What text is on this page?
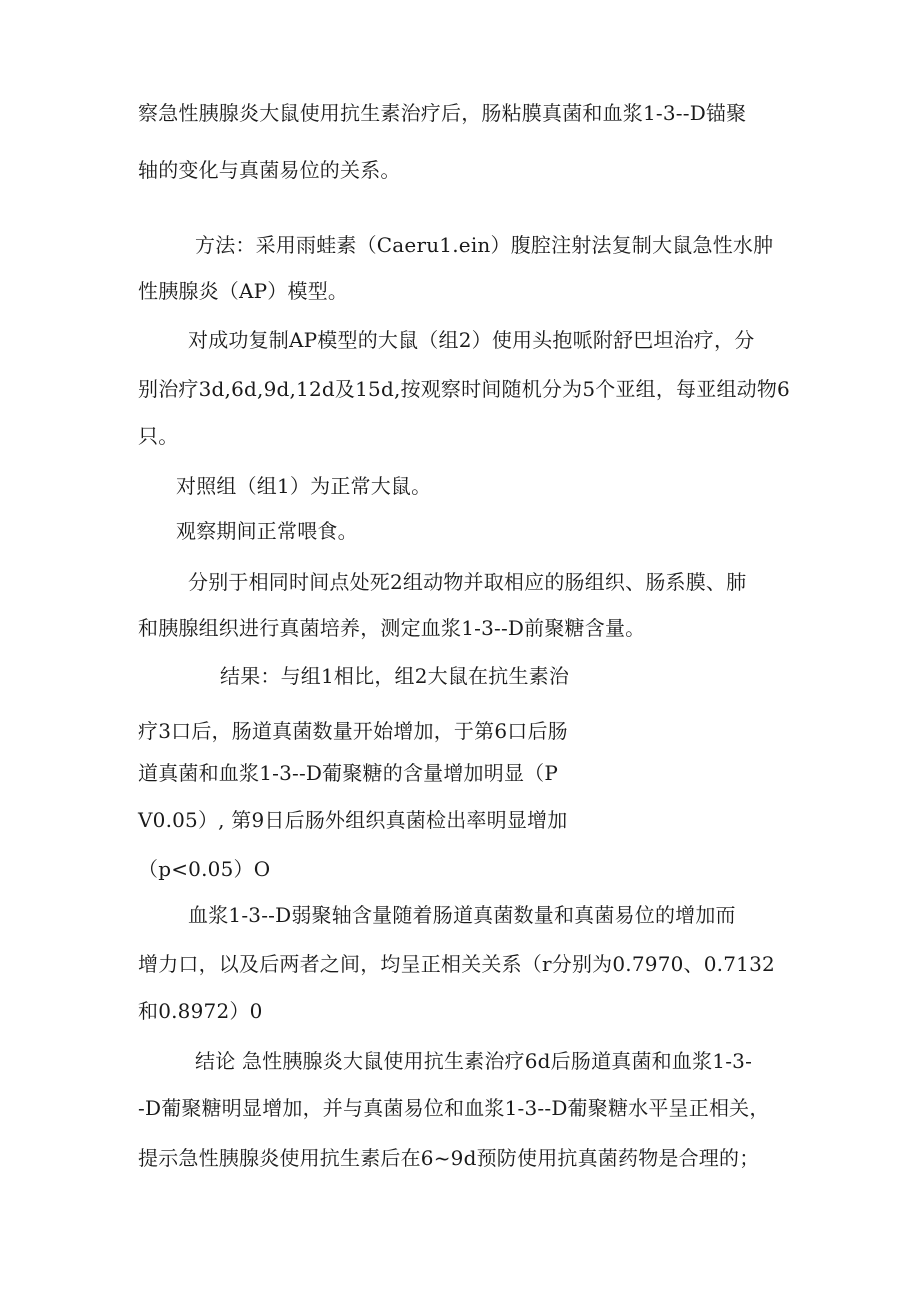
察急性胰腺炎大鼠使用抗生素治疗后，肠粘膜真菌和血浆1-3--D锚聚
轴的变化与真菌易位的关系。
方法：采用雨蛙素（Caeru1.ein）腹腔注射法复制大鼠急性水肿
性胰腺炎（AP）模型。
对成功复制AP模型的大鼠（组2）使用头抱哌附舒巴坦治疗，分
别治疗3d,6d,9d,12d及15d,按观察时间随机分为5个亚组，每亚组动物6
只。
对照组（组1）为正常大鼠。
观察期间正常喂食。
分别于相同时间点处死2组动物并取相应的肠组织、肠系膜、肺
和胰腺组织进行真菌培养，测定血浆1-3--D前聚糖含量。
结果：与组1相比，组2大鼠在抗生素治
疗3口后，肠道真菌数量开始增加，于第6口后肠
道真菌和血浆1-3--D葡聚糖的含量增加明显（P
V0.05）, 第9日后肠外组织真菌检出率明显增加
（p<0.05）O
血浆1-3--D弱聚轴含量随着肠道真菌数量和真菌易位的增加而
增力口，以及后两者之间，均呈正相关关系（r分别为0.7970、0.7132
和0.8972）0
结论 急性胰腺炎大鼠使用抗生素治疗6d后肠道真菌和血浆1-3-
-D葡聚糖明显增加，并与真菌易位和血浆1-3--D葡聚糖水平呈正相关，
提示急性胰腺炎使用抗生素后在6~9d预防使用抗真菌药物是合理的；
